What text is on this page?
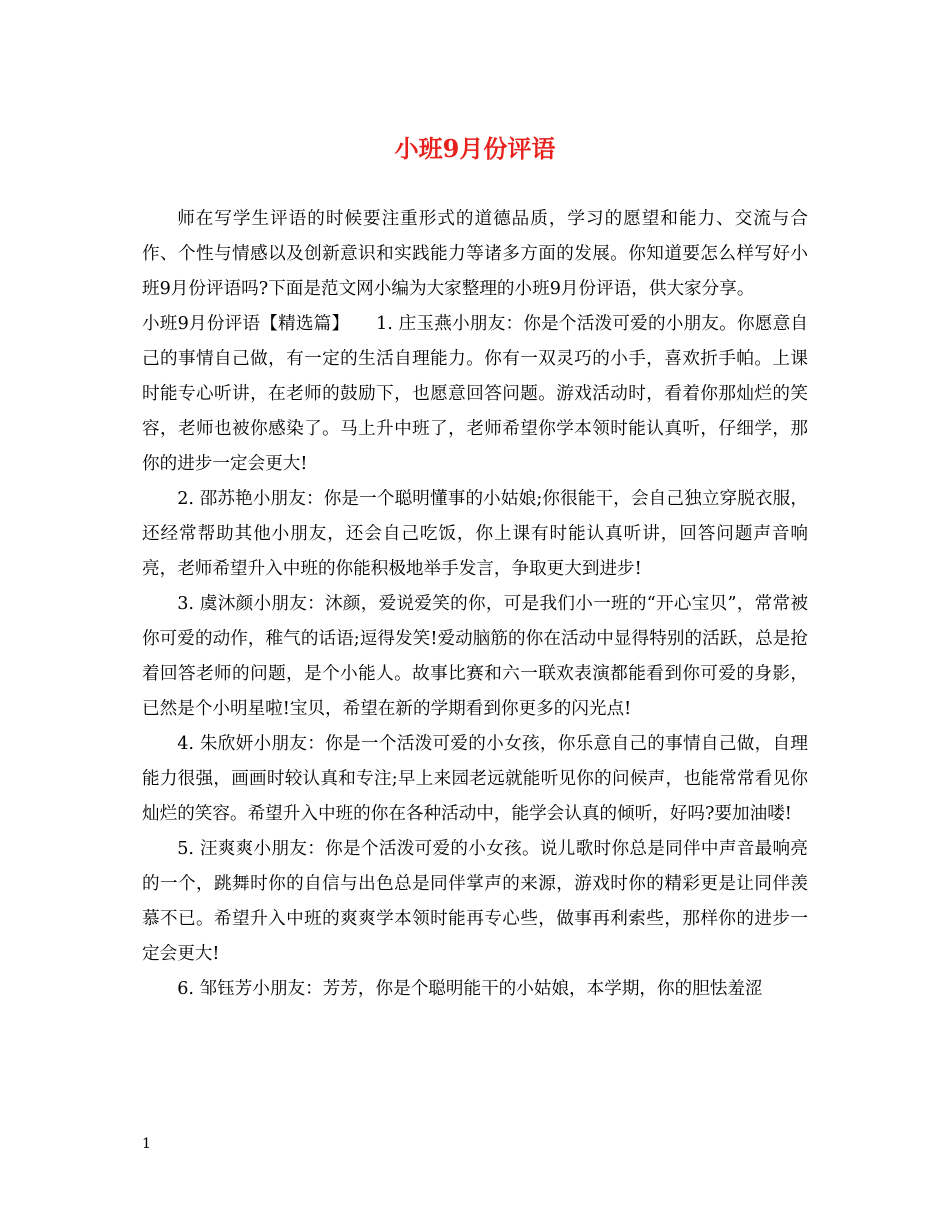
小班9月份评语

师在写学生评语的时候要注重形式的道德品质，学习的愿望和能力、交流与合作、个性与情感以及创新意识和实践能力等诸多方面的发展。你知道要怎么样写好小班9月份评语吗?下面是范文网小编为大家整理的小班9月份评语，供大家分享。

小班9月份评语【精选篇】　　1. 庄玉燕小朋友：你是个活泼可爱的小朋友。你愿意自己的事情自己做，有一定的生活自理能力。你有一双灵巧的小手，喜欢折手帕。上课时能专心听讲，在老师的鼓励下，也愿意回答问题。游戏活动时，看着你那灿烂的笑容，老师也被你感染了。马上升中班了，老师希望你学本领时能认真听，仔细学，那你的进步一定会更大!

2. 邵苏艳小朋友：你是一个聪明懂事的小姑娘;你很能干，会自己独立穿脱衣服，还经常帮助其他小朋友，还会自己吃饭，你上课有时能认真听讲，回答问题声音响亮，老师希望升入中班的你能积极地举手发言，争取更大到进步!

3. 虞沐颜小朋友：沐颜，爱说爱笑的你，可是我们小一班的“开心宝贝”，常常被你可爱的动作，稚气的话语;逗得发笑!爱动脑筋的你在活动中显得特别的活跃，总是抢着回答老师的问题，是个小能人。故事比赛和六一联欢表演都能看到你可爱的身影，已然是个小明星啦!宝贝，希望在新的学期看到你更多的闪光点!

4. 朱欣妍小朋友：你是一个活泼可爱的小女孩，你乐意自己的事情自己做，自理能力很强，画画时较认真和专注;早上来园老远就能听见你的问候声，也能常常看见你灿烂的笑容。希望升入中班的你在各种活动中，能学会认真的倾听，好吗?要加油喽!

5. 汪爽爽小朋友：你是个活泼可爱的小女孩。说儿歌时你总是同伴中声音最响亮的一个，跳舞时你的自信与出色总是同伴掌声的来源，游戏时你的精彩更是让同伴羡慕不已。希望升入中班的爽爽学本领时能再专心些，做事再利索些，那样你的进步一定会更大!

6. 邹钰芳小朋友：芳芳，你是个聪明能干的小姑娘，本学期，你的胆怯羞涩

1
